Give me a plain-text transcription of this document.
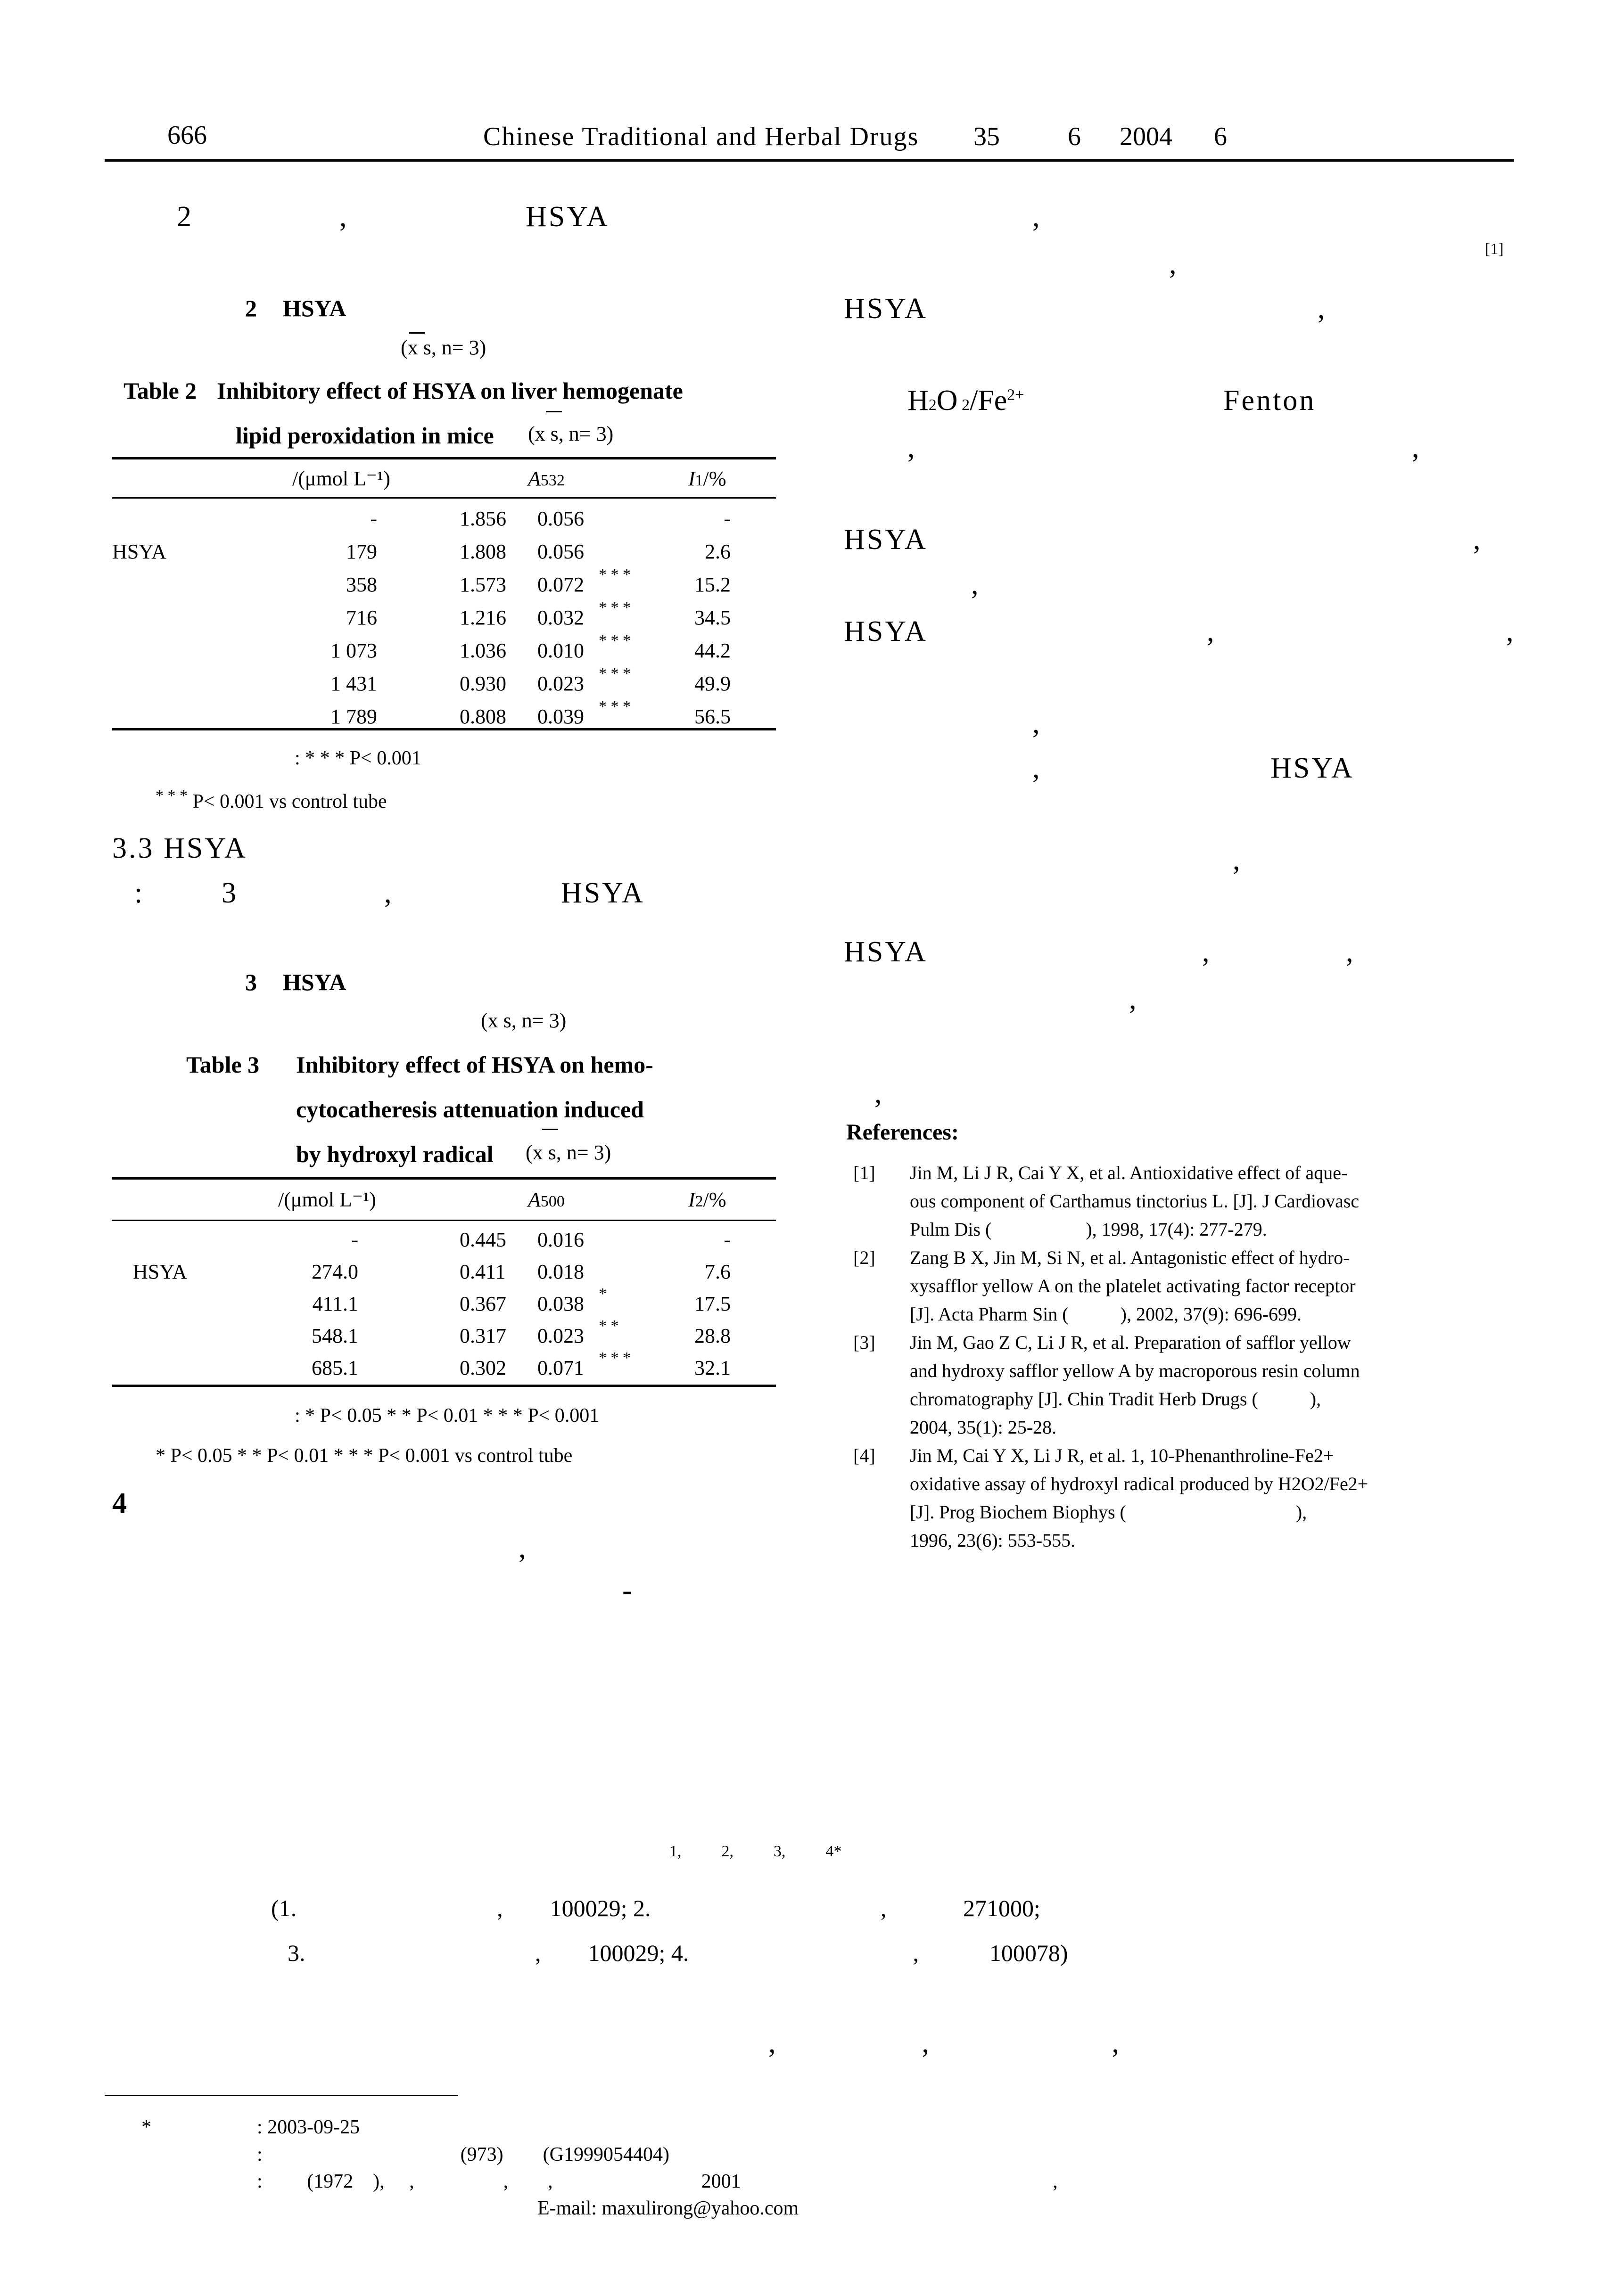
666	Chinese Traditional and Herbal Drugs 35	6 2004 6
2	,	HSYA
2 HSYA
(x s, n= 3)
Table 2 Inhibitory effect of HSYA on liver hemogenate
lipid peroxidation in mice (x s, n= 3)
/(μmol L⁻¹)	A532	I1/%
-	1.856 0.056	-
HSYA	179	1.808 0.056	2.6
358	1.573 0.072 * * *	15.2
716	1.216 0.032 * * *	34.5
1 073	1.036 0.010 * * *	44.2
1 431	0.930 0.023 * * *	49.9
1 789	0.808 0.039 * * *	56.5
: * * * P< 0.001
* * * P< 0.001 vs control tube
3.3 HSYA
:	3	,	HSYA
3 HSYA
(x s, n= 3)
Table 3 Inhibitory effect of HSYA on hemo-
cytocatheresis attenuation induced
by hydroxyl radical (x s, n= 3)
/(μmol L⁻¹)	A500	I2/%
-	0.445 0.016	-
HSYA	274.0	0.411 0.018	7.6
411.1	0.367 0.038 *	17.5
548.1	0.317 0.023 * *	28.8
685.1	0.302 0.071 * * *	32.1
: * P< 0.05 * * P< 0.01 * * * P< 0.001
* P< 0.05 * * P< 0.01 * * * P< 0.001 vs control tube
4
,
-
,
[1]
,
HSYA	,
H2O $2/Fe^{2+}$	Fenton
,	,
HSYA	,
,
HSYA	,	,
,
,	HSYA
,
HSYA	,	,
,
,
References:
[1] Jin M, Li J R, Cai Y X, et al. Antioxidative effect of aque-
ous component of Carthamus tinctorius L. [J]. J Cardiovasc
Pulm Dis (                    ), 1998, 17(4): 277-279.
[2] Zang B X, Jin M, Si N, et al. Antagonistic effect of hydro-
xysafflor yellow A on the platelet activating factor receptor
[J]. Acta Pharm Sin (           ), 2002, 37(9): 696-699.
[3] Jin M, Gao Z C, Li J R, et al. Preparation of safflor yellow
and hydroxy safflor yellow A by macroporous resin column
chromatography [J]. Chin Tradit Herb Drugs (           ),
2004, 35(1): 25-28.
[4] Jin M, Cai Y X, Li J R, et al. 1, 10-Phenanthroline-Fe2+
oxidative assay of hydroxyl radical produced by H2O2/Fe2+
[J]. Prog Biochem Biophys (                                    ),
1996, 23(6): 553-555.
1,          2,          3,          4*
(1.                                  ,        100029; 2.                                       ,             271000;
3.                                       ,        100029; 4.                                      ,            100078)
,                    ,                         ,
*	: 2003-09-25
:                                        (973)        (G1999054404)
:         (1972    ),     ,                  ,        ,                              2001                                                               ,
E-mail: maxulirong@yahoo.com
